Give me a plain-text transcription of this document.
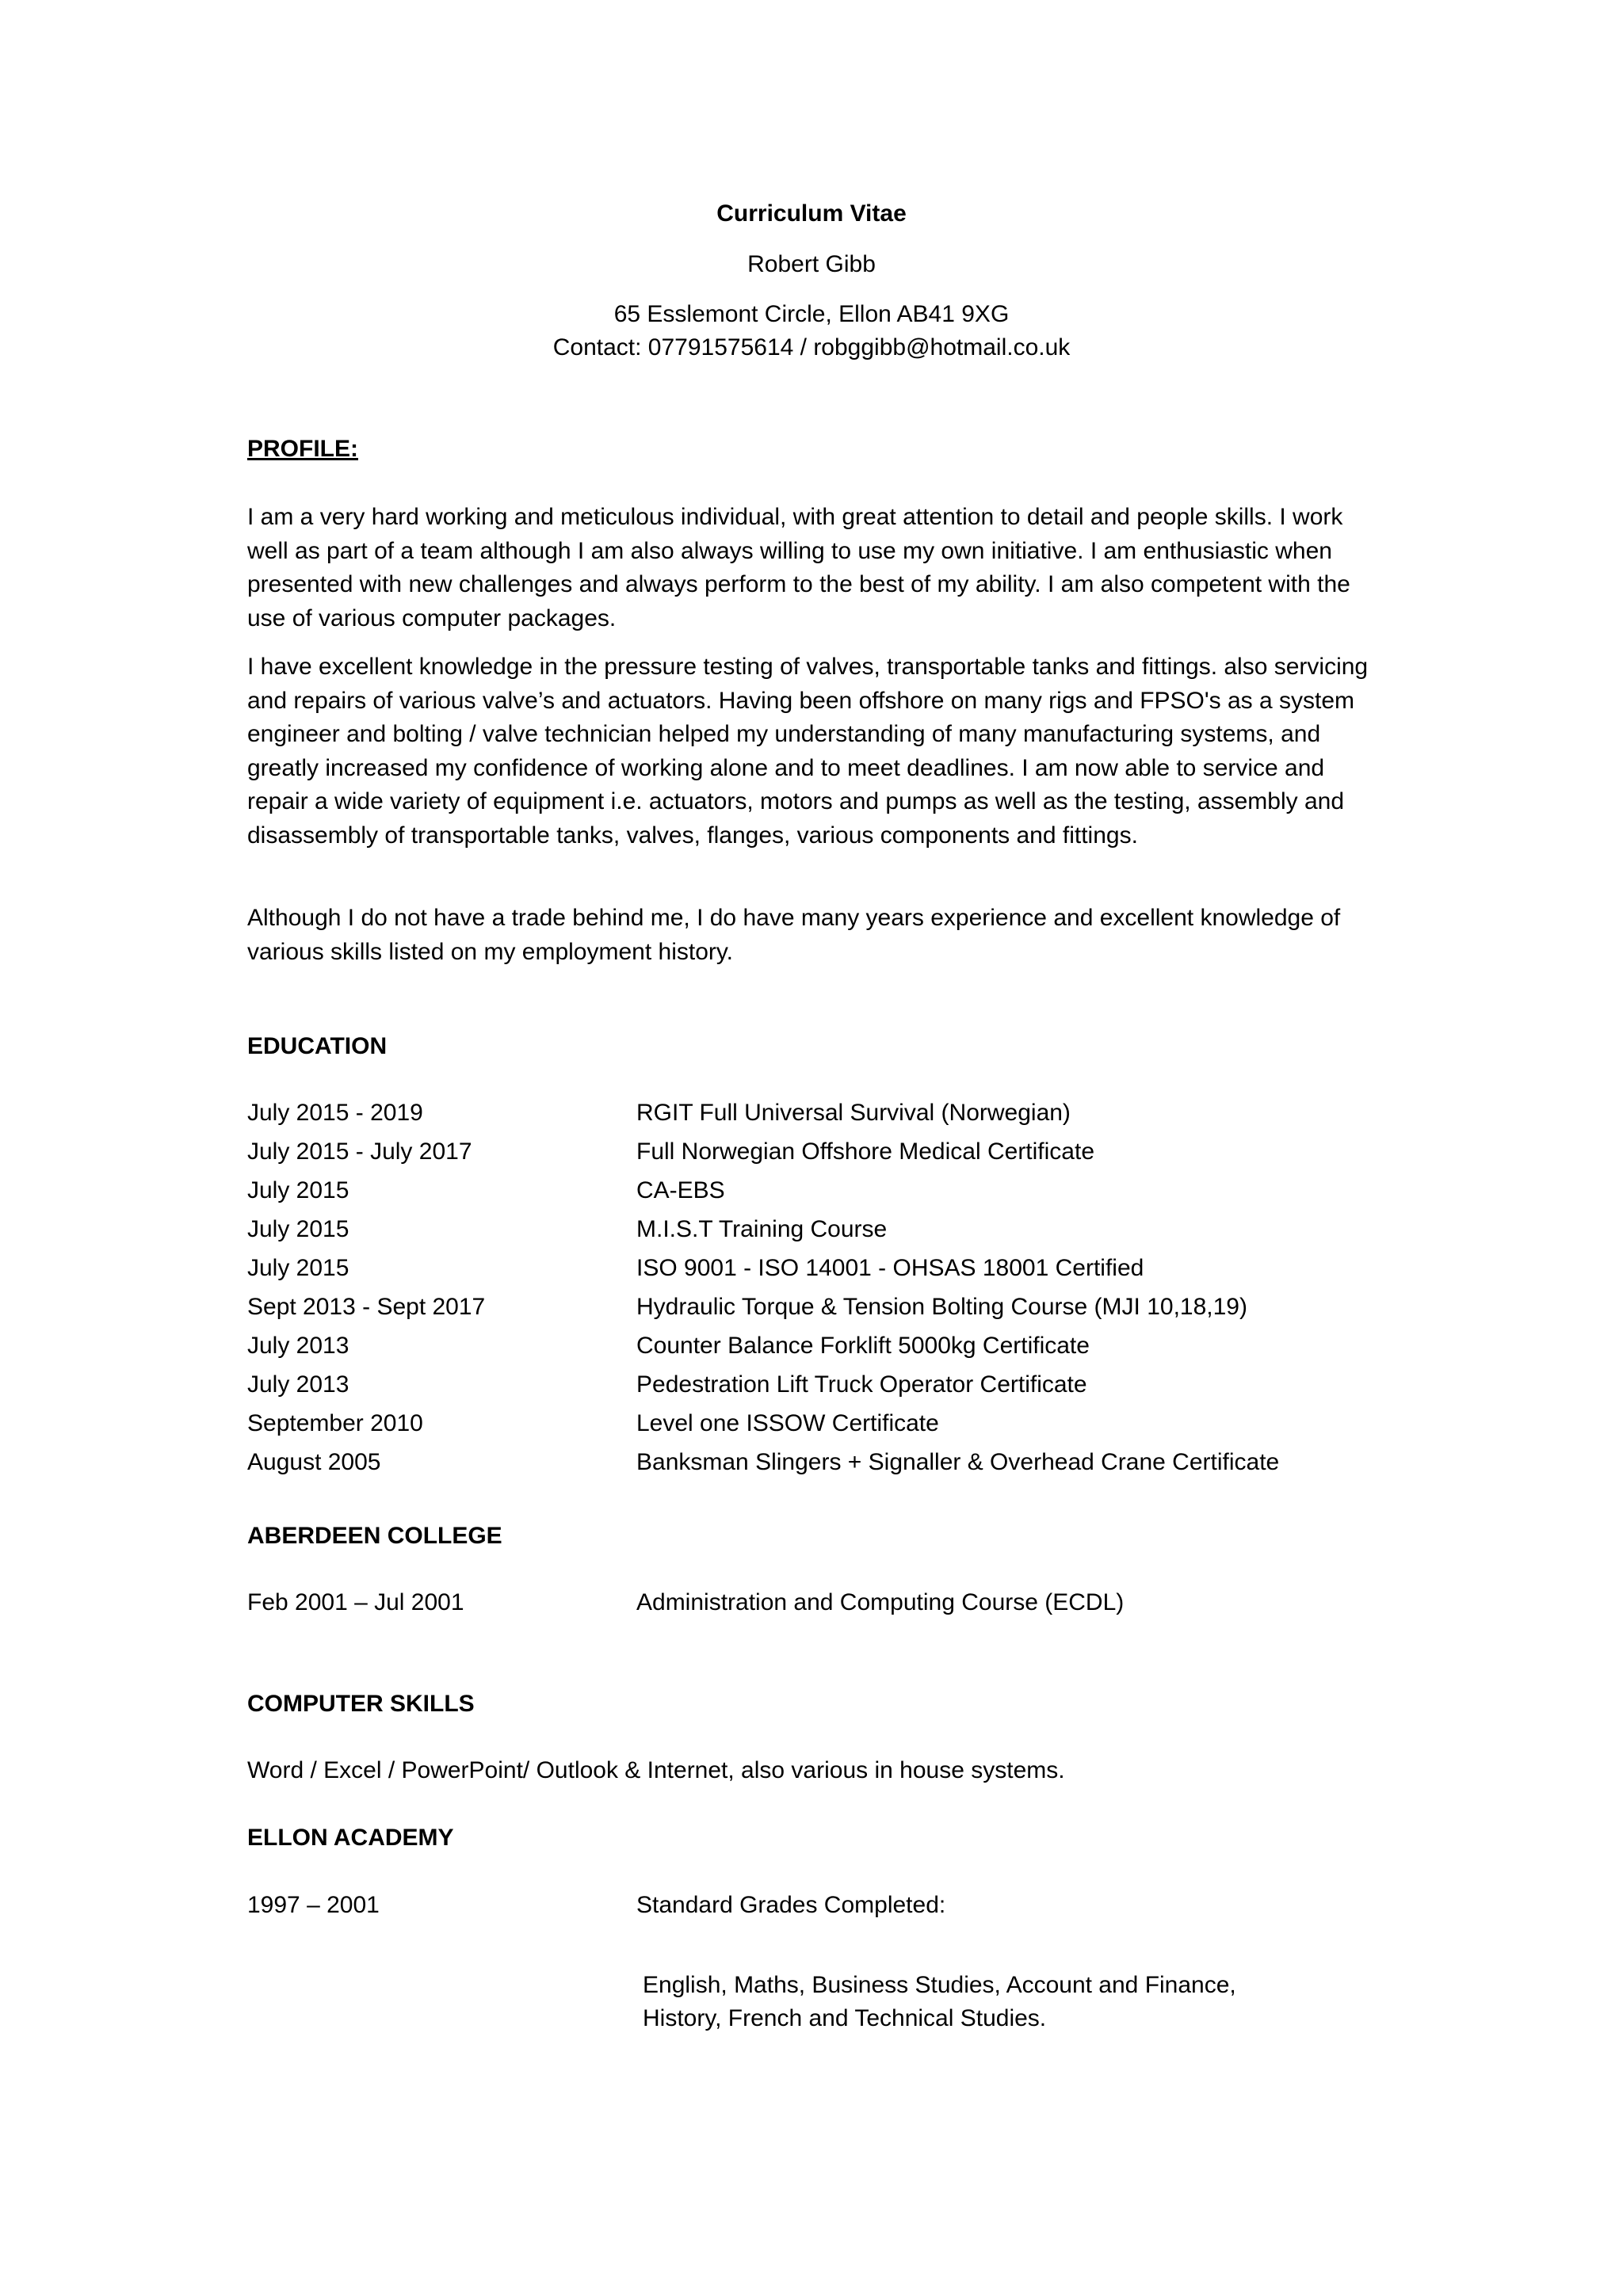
Curriculum Vitae
Robert Gibb
65 Esslemont Circle, Ellon AB41 9XG
Contact: 07791575614 / robggibb@hotmail.co.uk
PROFILE:

I am a very hard working and meticulous individual, with great attention to detail and people skills. I work well as part of a team although I am also always willing to use my own initiative. I am enthusiastic when presented with new challenges and always perform to the best of my ability. I am also competent with the use of various computer packages.

I have excellent knowledge in the pressure testing of valves, transportable tanks and fittings. also servicing and repairs of various valve’s and actuators. Having been offshore on many rigs and FPSO's as a system engineer and bolting / valve technician helped my understanding of many manufacturing systems, and greatly increased my confidence of working alone and to meet deadlines. I am now able to service and repair a wide variety of equipment i.e. actuators, motors and pumps as well as the testing, assembly and disassembly of transportable tanks, valves, flanges, various components and fittings.

Although I do not have a trade behind me, I do have many years experience and excellent knowledge of various skills listed on my employment history.

EDUCATION
July 2015 - 2019	RGIT Full Universal Survival (Norwegian)
July 2015 - July 2017	Full Norwegian Offshore Medical Certificate
July 2015	CA-EBS
July 2015	M.I.S.T Training Course
July 2015	ISO 9001 - ISO 14001 - OHSAS 18001 Certified
Sept 2013 - Sept 2017	Hydraulic Torque & Tension Bolting Course (MJI 10,18,19)
July 2013	Counter Balance Forklift 5000kg Certificate
July 2013	Pedestration Lift Truck Operator Certificate
September 2010	Level one ISSOW Certificate
August 2005	Banksman Slingers + Signaller & Overhead Crane Certificate
ABERDEEN COLLEGE
Feb 2001 – Jul 2001	Administration and Computing Course (ECDL)
COMPUTER SKILLS
Word / Excel / PowerPoint/ Outlook & Internet, also various in house systems.
ELLON ACADEMY
1997 – 2001	Standard Grades Completed:
English, Maths, Business Studies, Account and Finance,
History, French and Technical Studies.
